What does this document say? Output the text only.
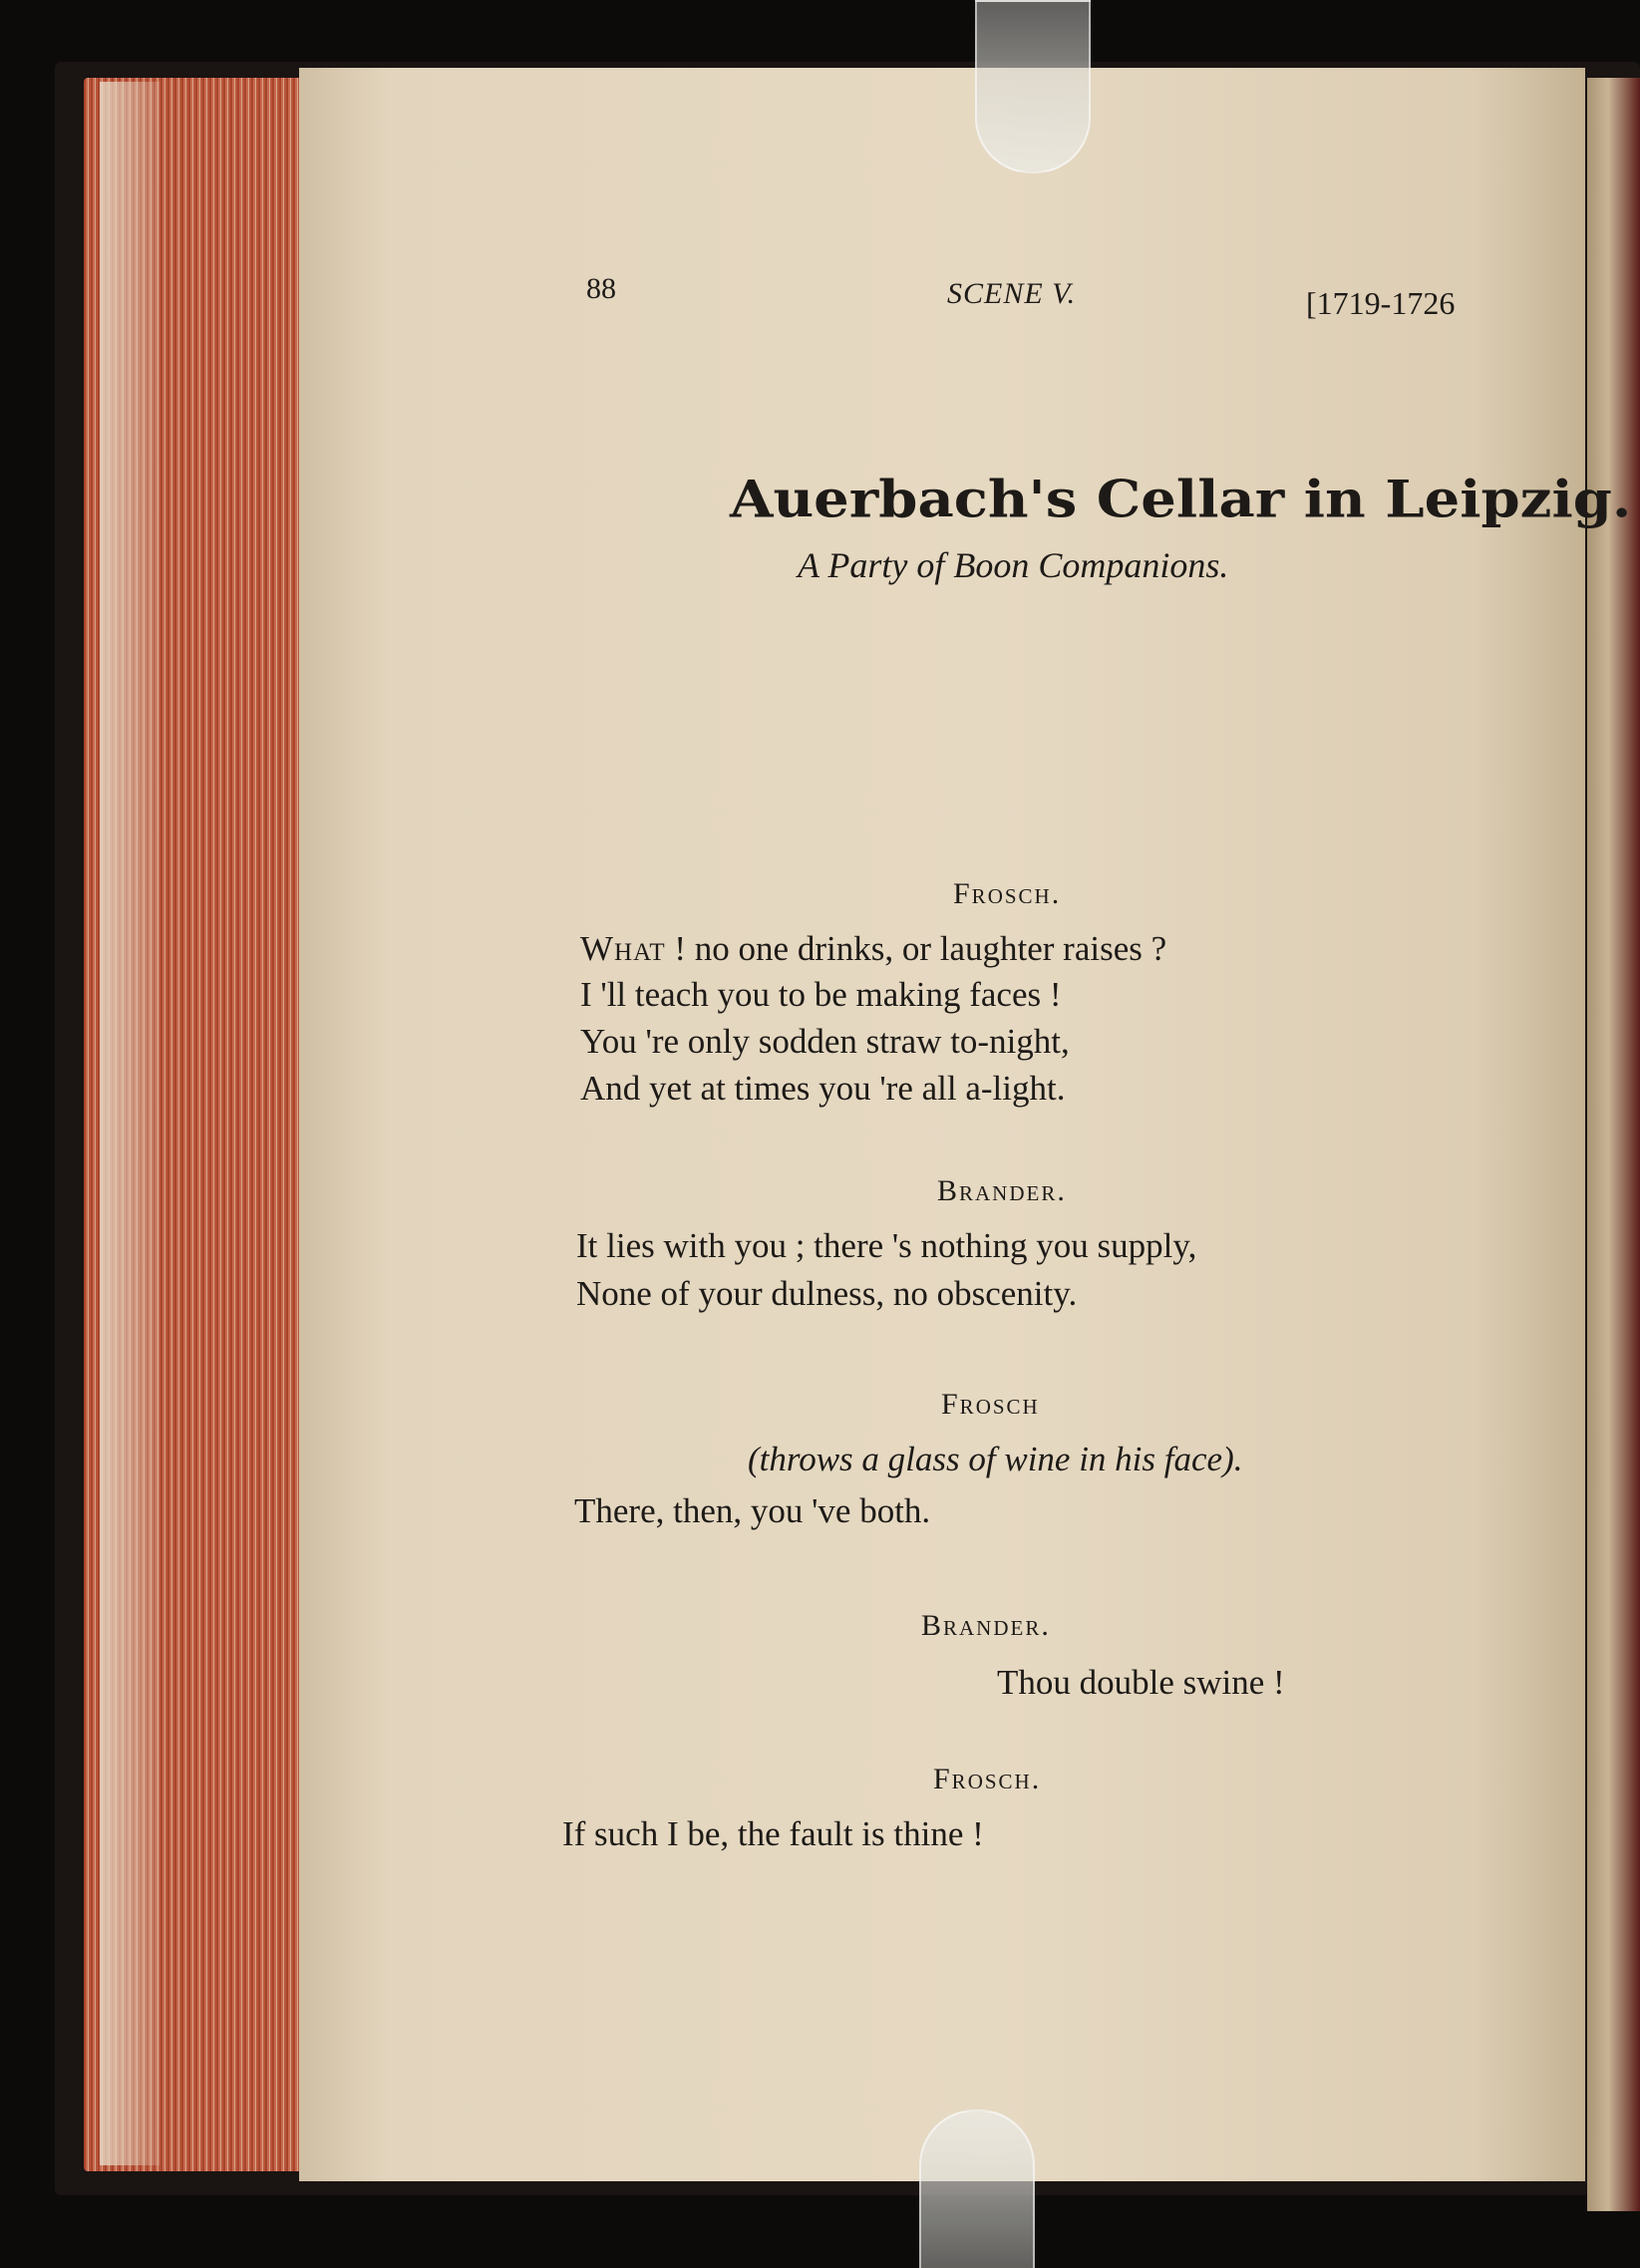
88	SCENE V.	[1719-1726
Auerbach's Cellar in Leipzig.
A Party of Boon Companions.
Frosch.
What ! no one drinks, or laughter raises ?
I 'll teach you to be making faces !
You 're only sodden straw to-night,
And yet at times you 're all a-light.
Brander.
It lies with you ; there 's nothing you supply,
None of your dulness, no obscenity.
Frosch
(throws a glass of wine in his face).
There, then, you 've both.
Brander.
Thou double swine !
Frosch.
If such I be, the fault is thine !
